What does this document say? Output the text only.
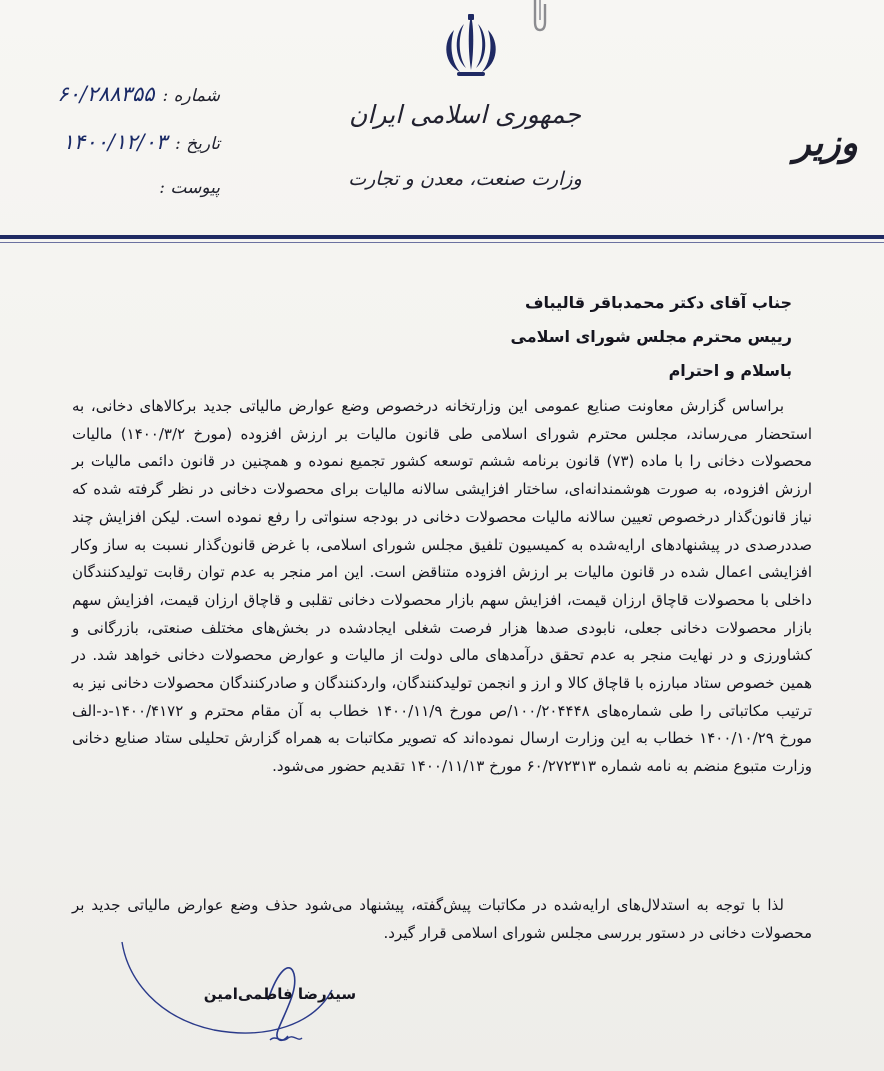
جمهوری اسلامی ایران
وزارت صنعت، معدن و تجارت
وزیر
شماره :
۶۰/۲۸۸۳۵۵
تاریخ :
۱۴۰۰/۱۲/۰۳
پیوست :
جناب آقای دکتر محمدباقر قالیباف
رییس محترم مجلس شورای اسلامی
باسلام و احترام

براساس گزارش معاونت صنایع عمومی این وزارتخانه درخصوص وضع عوارض مالیاتی جدید برکالاهای دخانی، به استحضار می‌رساند، مجلس محترم شورای اسلامی طی قانون مالیات بر ارزش افزوده (مورخ ۱۴۰۰/۳/۲) مالیات محصولات دخانی را با ماده (۷۳) قانون برنامه ششم توسعه کشور تجمیع نموده و همچنین در قانون دائمی مالیات بر ارزش افزوده، به صورت هوشمندانه‌ای، ساختار افزایشی سالانه مالیات برای محصولات دخانی در نظر گرفته شده که نیاز قانون‌گذار درخصوص تعیین سالانه مالیات محصولات دخانی در بودجه سنواتی را رفع نموده است. لیکن افزایش چند صددرصدی در پیشنهادهای ارایه‌شده به کمیسیون تلفیق مجلس شورای اسلامی، با غرض قانون‌گذار نسبت به ساز وکار افزایشی اعمال شده در قانون مالیات بر ارزش افزوده متناقض است. این امر منجر به عدم توان رقابت تولیدکنندگان داخلی با محصولات قاچاق ارزان قیمت، افزایش سهم بازار محصولات دخانی تقلبی و قاچاق ارزان قیمت، افزایش سهم بازار محصولات دخانی جعلی، نابودی صدها هزار فرصت شغلی ایجادشده در بخش‌های مختلف صنعتی، بازرگانی و کشاورزی و در نهایت منجر به عدم تحقق درآمدهای مالی دولت از مالیات و عوارض محصولات دخانی خواهد شد. در همین خصوص ستاد مبارزه با قاچاق کالا و ارز و انجمن تولیدکنندگان، واردکنندگان و صادرکنندگان محصولات دخانی نیز به ترتیب مکاتباتی را طی شماره‌های ۱۰۰/۲۰۴۴۴۸/ص مورخ ۱۴۰۰/۱۱/۹ خطاب به آن مقام محترم و ۱۴۰۰/۴۱۷۲-د-الف مورخ ۱۴۰۰/۱۰/۲۹ خطاب به این وزارت ارسال نموده‌اند که تصویر مکاتبات به همراه گزارش تحلیلی ستاد صنایع دخانی وزارت متبوع منضم به نامه شماره ۶۰/۲۷۲۳۱۳ مورخ ۱۴۰۰/۱۱/۱۳ تقدیم حضور می‌شود.

لذا با توجه به استدلال‌های ارایه‌شده در مکاتبات پیش‌گفته، پیشنهاد می‌شود حذف وضع عوارض مالیاتی جدید بر محصولات دخانی در دستور بررسی مجلس شورای اسلامی قرار گیرد.

سیدرضا فاطمی‌امین
